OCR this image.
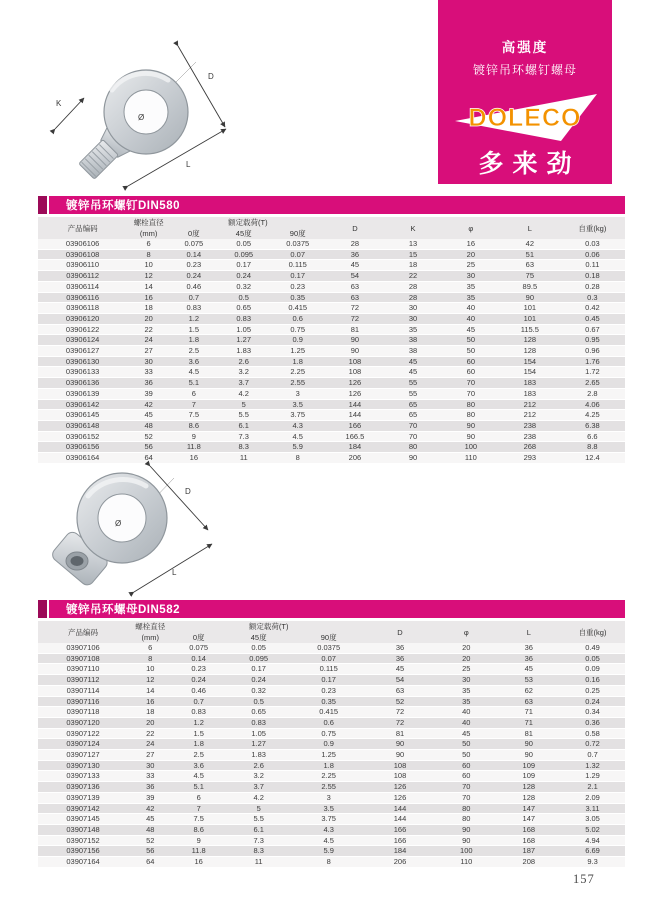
D
K
L
Ø
高强度
镀锌吊环螺钉螺母
DOLECO
多来劲
镀锌吊环螺钉DIN580
产品编码	螺栓直径(mm)	额定载荷(T)			D	K	φ	L	自重(kg)
		0度	45度	90度					
03906106	6	0.075	0.05	0.0375	28	13	16	42	0.03
03906108	8	0.14	0.095	0.07	36	15	20	51	0.06
03906110	10	0.23	0.17	0.115	45	18	25	63	0.11
03906112	12	0.24	0.24	0.17	54	22	30	75	0.18
03906114	14	0.46	0.32	0.23	63	28	35	89.5	0.28
03906116	16	0.7	0.5	0.35	63	28	35	90	0.3
03906118	18	0.83	0.65	0.415	72	30	40	101	0.42
03906120	20	1.2	0.83	0.6	72	30	40	101	0.45
03906122	22	1.5	1.05	0.75	81	35	45	115.5	0.67
03906124	24	1.8	1.27	0.9	90	38	50	128	0.95
03906127	27	2.5	1.83	1.25	90	38	50	128	0.96
03906130	30	3.6	2.6	1.8	108	45	60	154	1.76
03906133	33	4.5	3.2	2.25	108	45	60	154	1.72
03906136	36	5.1	3.7	2.55	126	55	70	183	2.65
03906139	39	6	4.2	3	126	55	70	183	2.8
03906142	42	7	5	3.5	144	65	80	212	4.06
03906145	45	7.5	5.5	3.75	144	65	80	212	4.25
03906148	48	8.6	6.1	4.3	166	70	90	238	6.38
03906152	52	9	7.3	4.5	166.5	70	90	238	6.6
03906156	56	11.8	8.3	5.9	184	80	100	268	8.8
03906164	64	16	11	8	206	90	110	293	12.4
D
L
Ø
镀锌吊环螺母DIN582
产品编码	螺栓直径(mm)	额定载荷(T)			D	φ	L	自重(kg)
		0度	45度	90度				
03907106	6	0.075	0.05	0.0375	36	20	36	0.49
03907108	8	0.14	0.095	0.07	36	20	36	0.05
03907110	10	0.23	0.17	0.115	45	25	45	0.09
03907112	12	0.24	0.24	0.17	54	30	53	0.16
03907114	14	0.46	0.32	0.23	63	35	62	0.25
03907116	16	0.7	0.5	0.35	52	35	63	0.24
03907118	18	0.83	0.65	0.415	72	40	71	0.34
03907120	20	1.2	0.83	0.6	72	40	71	0.36
03907122	22	1.5	1.05	0.75	81	45	81	0.58
03907124	24	1.8	1.27	0.9	90	50	90	0.72
03907127	27	2.5	1.83	1.25	90	50	90	0.7
03907130	30	3.6	2.6	1.8	108	60	109	1.32
03907133	33	4.5	3.2	2.25	108	60	109	1.29
03907136	36	5.1	3.7	2.55	126	70	128	2.1
03907139	39	6	4.2	3	126	70	128	2.09
03907142	42	7	5	3.5	144	80	147	3.11
03907145	45	7.5	5.5	3.75	144	80	147	3.05
03907148	48	8.6	6.1	4.3	166	90	168	5.02
03907152	52	9	7.3	4.5	166	90	168	4.94
03907156	56	11.8	8.3	5.9	184	100	187	6.69
03907164	64	16	11	8	206	110	208	9.3
157
